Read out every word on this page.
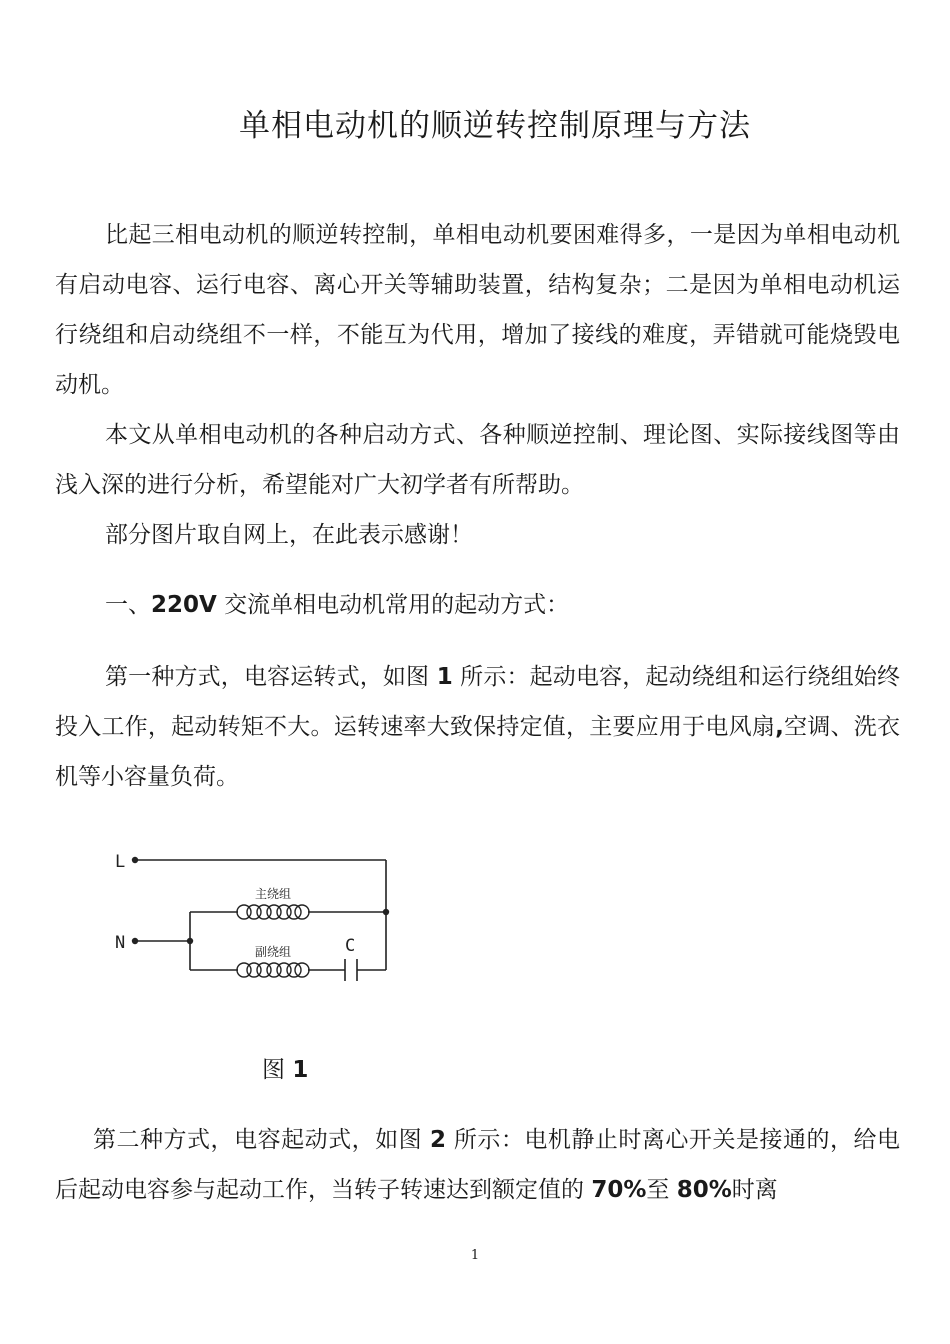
单相电动机的顺逆转控制原理与方法
比起三相电动机的顺逆转控制，单相电动机要困难得多，一是因为单相电动机有启动电容、运行电容、离心开关等辅助装置，结构复杂；二是因为单相电动机运行绕组和启动绕组不一样，不能互为代用，增加了接线的难度，弄错就可能烧毁电动机。
本文从单相电动机的各种启动方式、各种顺逆控制、理论图、实际接线图等由浅入深的进行分析，希望能对广大初学者有所帮助。
部分图片取自网上，在此表示感谢！
一、220V 交流单相电动机常用的起动方式：
第一种方式，电容运转式，如图 1 所示：起动电容，起动绕组和运行绕组始终投入工作，起动转矩不大。运转速率大致保持定值，主要应用于电风扇,空调、洗衣机等小容量负荷。
L
N
主绕组
副绕组	C
图 1
第二种方式，电容起动式，如图 2 所示：电机静止时离心开关是接通的，给电后起动电容参与起动工作，当转子转速达到额定值的 70%至 80%时离
1
